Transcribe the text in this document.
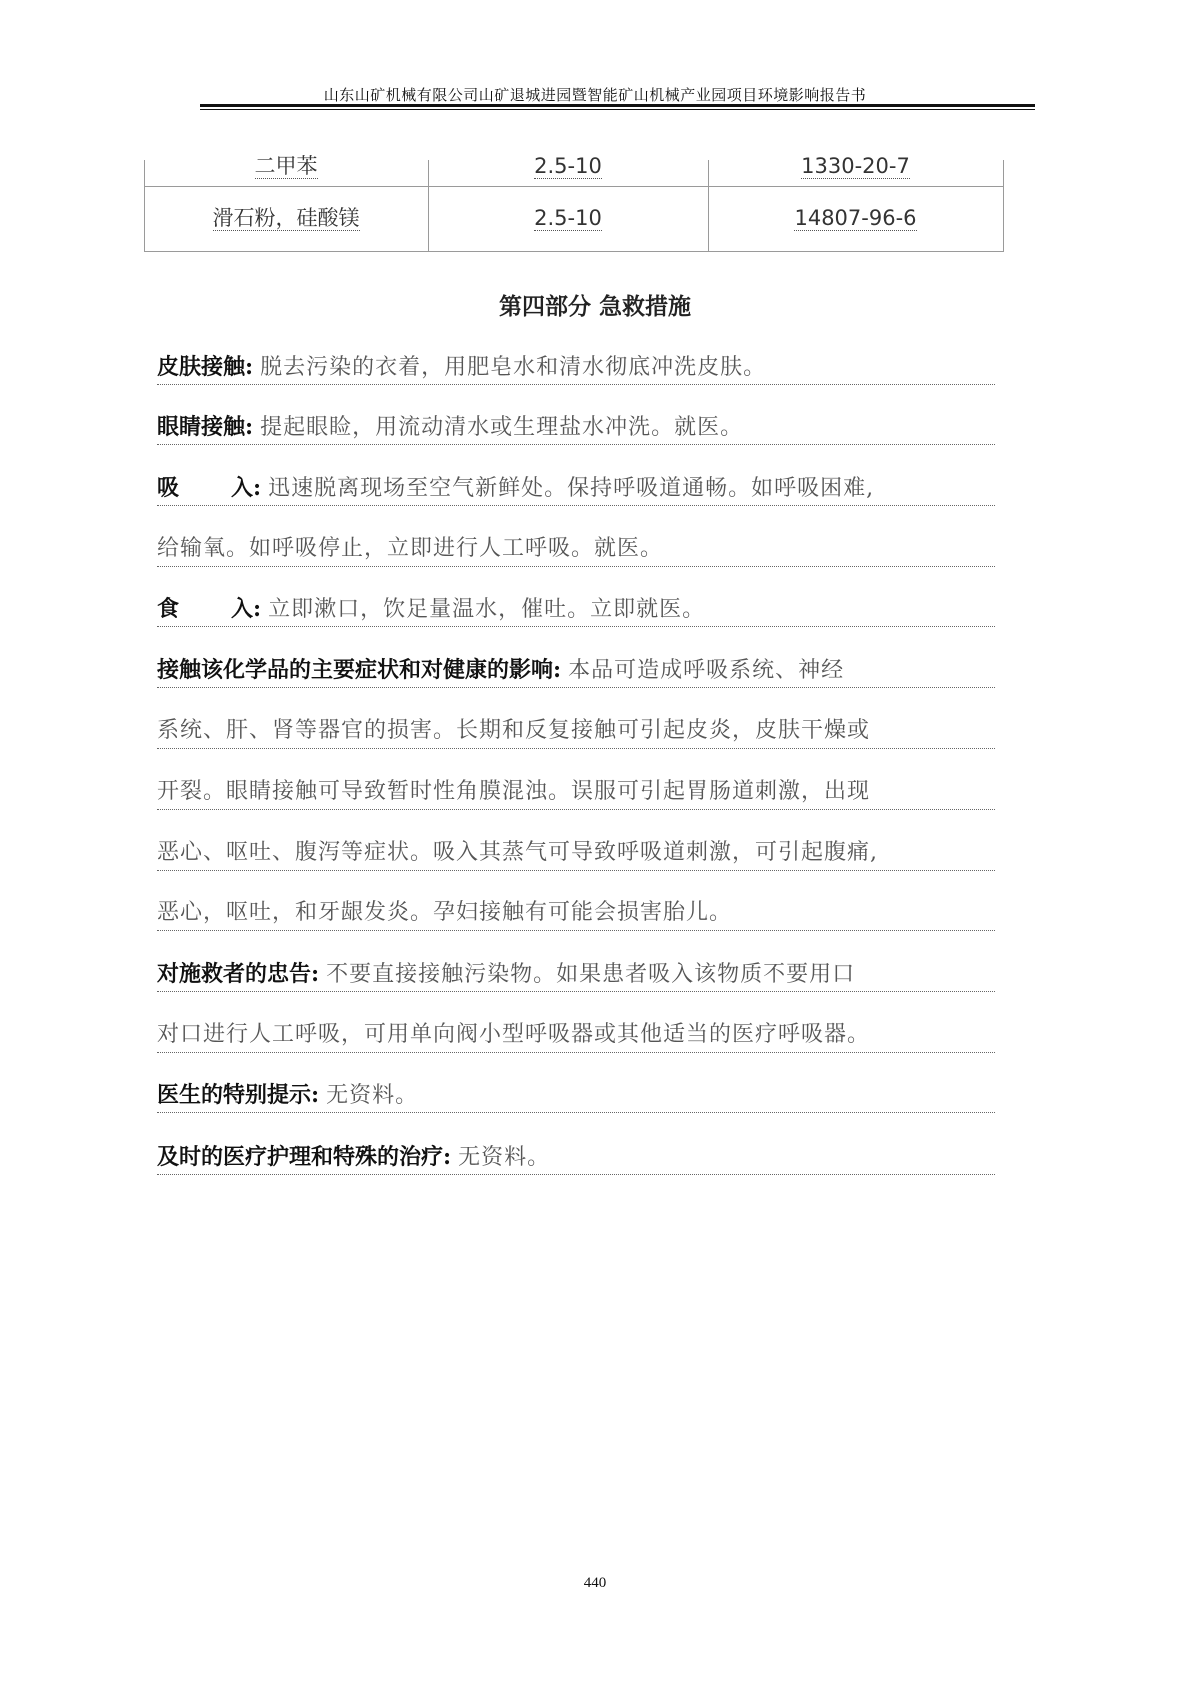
山东山矿机械有限公司山矿退城进园暨智能矿山机械产业园项目环境影响报告书
二甲苯	2.5-10	1330-20-7
滑石粉，硅酸镁	2.5-10	14807-96-6
第四部分 急救措施
皮肤接触: 脱去污染的衣着，用肥皂水和清水彻底冲洗皮肤。
眼睛接触: 提起眼睑，用流动清水或生理盐水冲洗。就医。
吸 入: 迅速脱离现场至空气新鲜处。保持呼吸道通畅。如呼吸困难,
给输氧。如呼吸停止，立即进行人工呼吸。就医。
食 入: 立即漱口，饮足量温水，催吐。立即就医。
接触该化学品的主要症状和对健康的影响: 本品可造成呼吸系统、神经
系统、肝、肾等器官的损害。长期和反复接触可引起皮炎，皮肤干燥或
开裂。眼睛接触可导致暂时性角膜混浊。误服可引起胃肠道刺激，出现
恶心、呕吐、腹泻等症状。吸入其蒸气可导致呼吸道刺激，可引起腹痛,
恶心，呕吐，和牙龈发炎。孕妇接触有可能会损害胎儿。
对施救者的忠告: 不要直接接触污染物。如果患者吸入该物质不要用口
对口进行人工呼吸，可用单向阀小型呼吸器或其他适当的医疗呼吸器。
医生的特别提示: 无资料。
及时的医疗护理和特殊的治疗: 无资料。
440
